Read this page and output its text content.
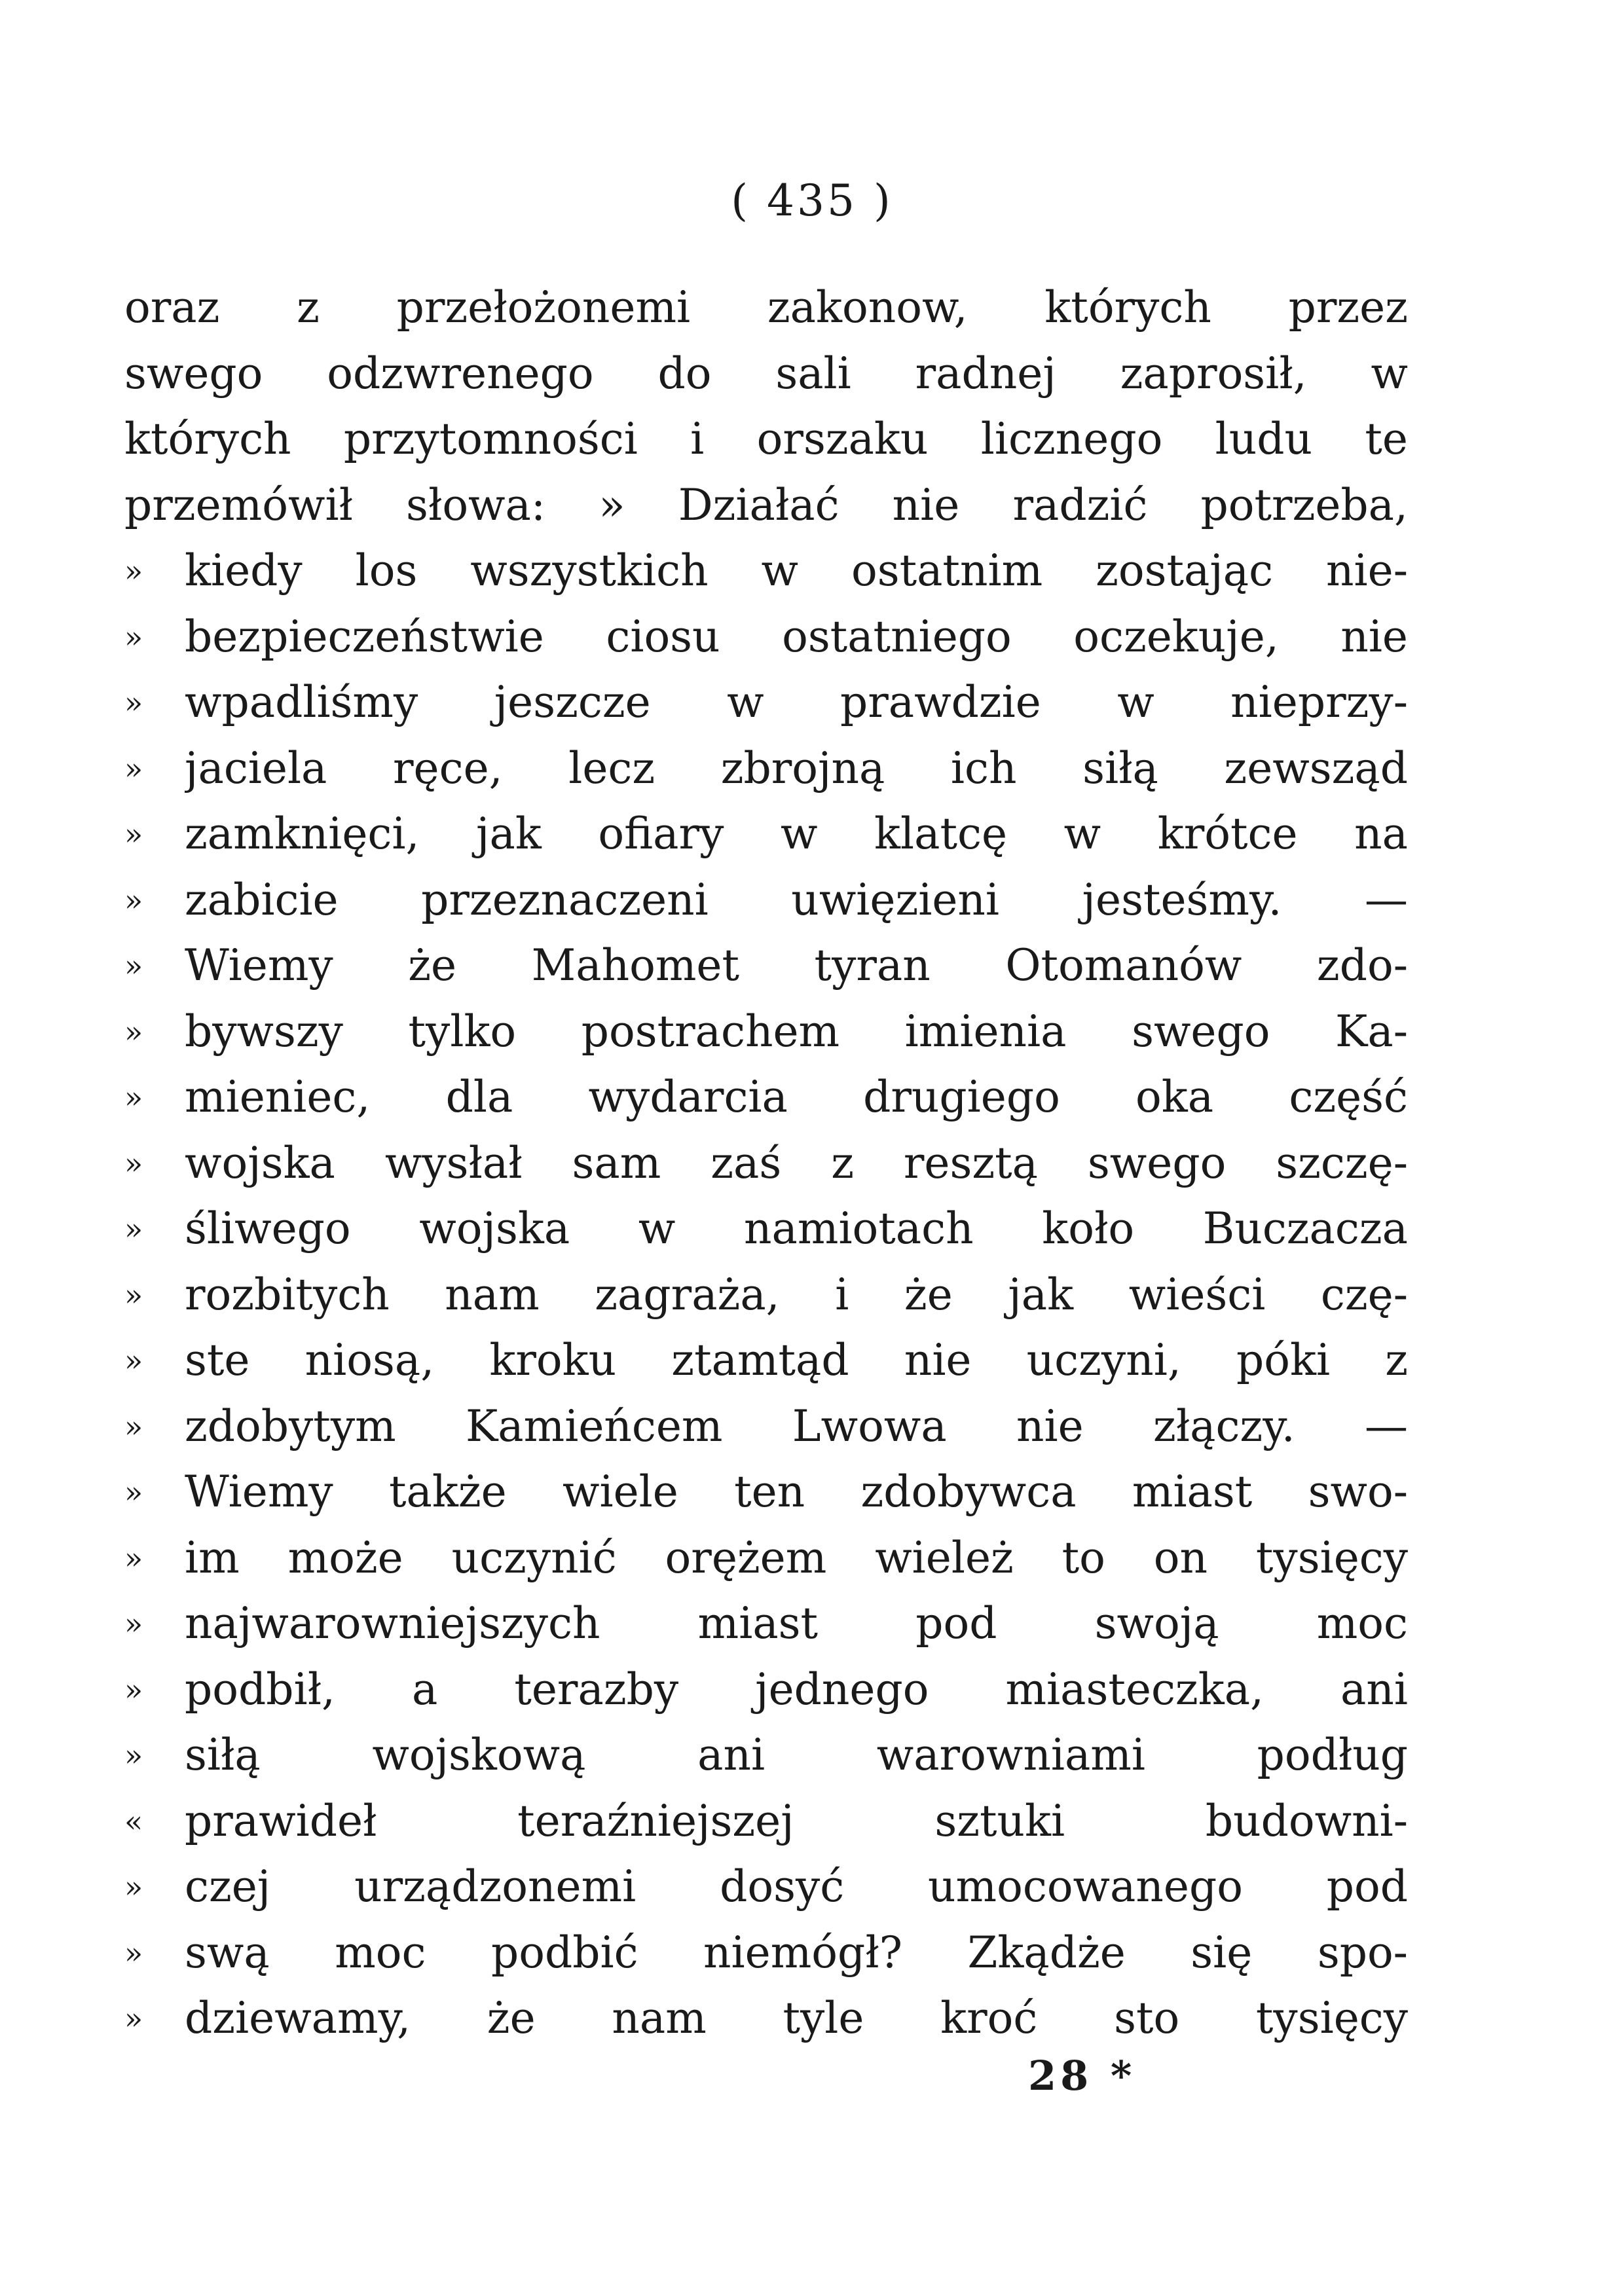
( 435 )
oraz z przełożonemi zakonow, których przez
swego odzwrenego do sali radnej zaprosił, w
których przytomności i orszaku licznego ludu te
przemówił słowa: » Działać nie radzić potrzeba,
» kiedy los wszystkich w ostatnim zostając nie-
» bezpieczeństwie ciosu ostatniego oczekuje, nie
» wpadliśmy jeszcze w prawdzie w nieprzy-
» jaciela ręce, lecz zbrojną ich siłą zewsząd
» zamknięci, jak ofiary w klatcę w krótce na
» zabicie przeznaczeni uwięzieni jesteśmy. —
» Wiemy że Mahomet tyran Otomanów zdo-
» bywszy tylko postrachem imienia swego Ka-
» mieniec, dla wydarcia drugiego oka część
» wojska wysłał sam zaś z resztą swego szczę-
» śliwego wojska w namiotach koło Buczacza
» rozbitych nam zagraża, i że jak wieści czę-
» ste niosą, kroku ztamtąd nie uczyni, póki z
» zdobytym Kamieńcem Lwowa nie złączy. —
» Wiemy także wiele ten zdobywca miast swo-
» im może uczynić orężem wieleż to on tysięcy
» najwarowniejszych miast pod swoją moc
» podbił, a terazby jednego miasteczka, ani
» siłą wojskową ani warowniami podług
« prawideł teraźniejszej sztuki budowni-
» czej urządzonemi dosyć umocowanego pod
» swą moc podbić niemógł? Zkądże się spo-
» dziewamy, że nam tyle kroć sto tysięcy
28 *
